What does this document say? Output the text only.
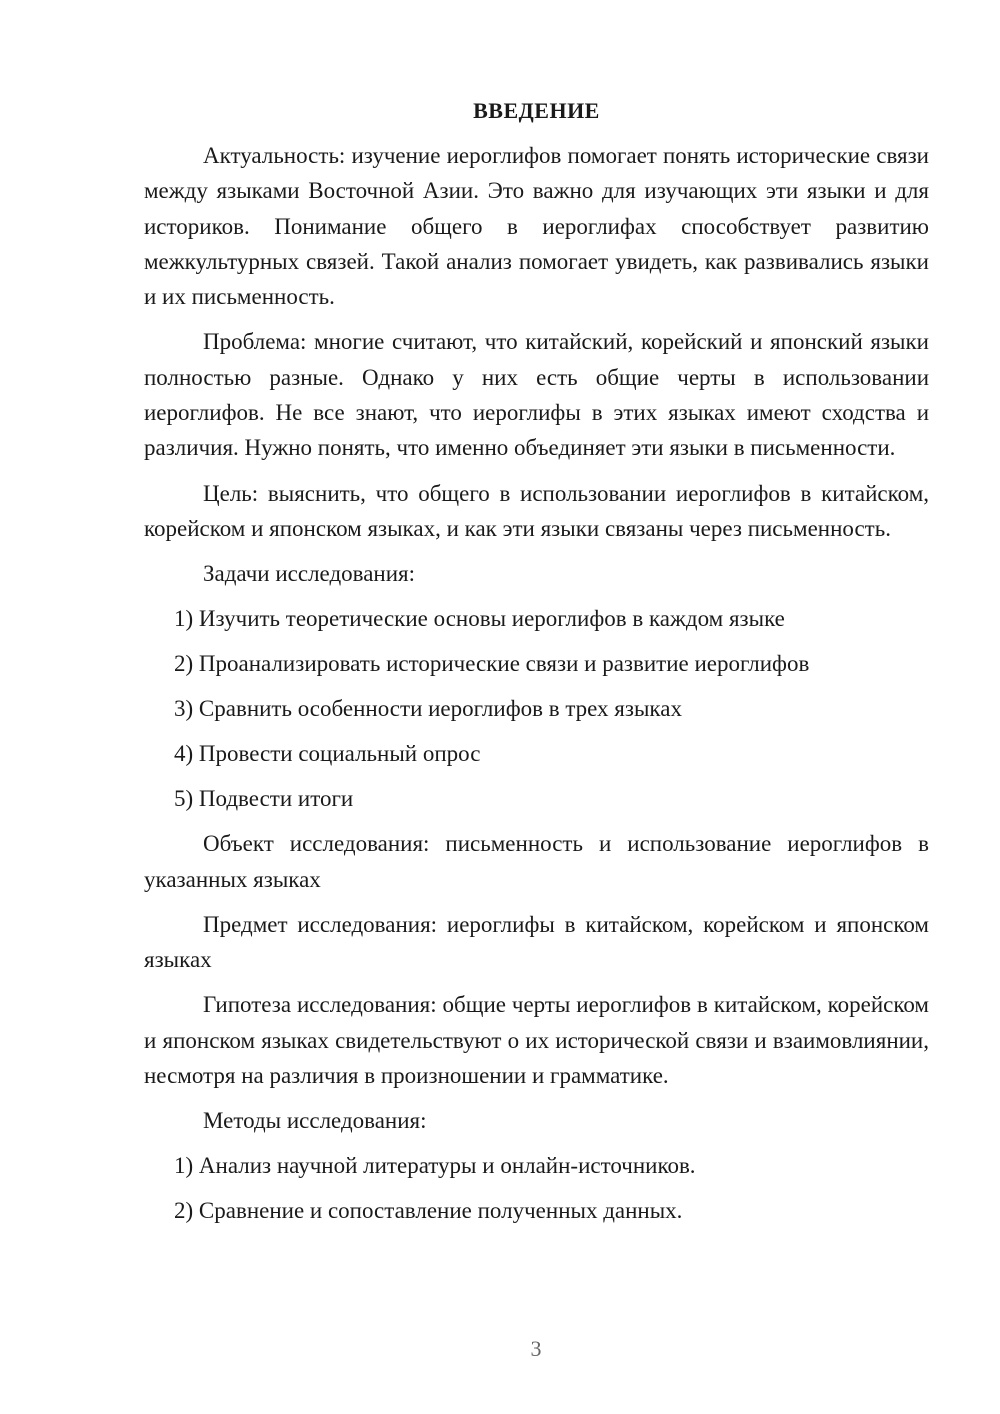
ВВЕДЕНИЕ

Актуальность: изучение иероглифов помогает понять исторические связи между языками Восточной Азии. Это важно для изучающих эти языки и для историков. Понимание общего в иероглифах способствует развитию межкультурных связей. Такой анализ помогает увидеть, как развивались языки и их письменность.

Проблема: многие считают, что китайский, корейский и японский языки полностью разные. Однако у них есть общие черты в использовании иероглифов. Не все знают, что иероглифы в этих языках имеют сходства и различия. Нужно понять, что именно объединяет эти языки в письменности.

Цель: выяснить, что общего в использовании иероглифов в китайском, корейском и японском языках, и как эти языки связаны через письменность.

Задачи исследования:

1) Изучить теоретические основы иероглифов в каждом языке

2) Проанализировать исторические связи и развитие иероглифов

3) Сравнить особенности иероглифов в трех языках

4) Провести социальный опрос

5) Подвести итоги

Объект исследования: письменность и использование иероглифов в указанных языках

Предмет исследования: иероглифы в китайском, корейском и японском языках

Гипотеза исследования: общие черты иероглифов в китайском, корейском и японском языках свидетельствуют о их исторической связи и взаимовлиянии, несмотря на различия в произношении и грамматике.

Методы исследования:

1) Анализ научной литературы и онлайн-источников.

2) Сравнение и сопоставление полученных данных.

3
